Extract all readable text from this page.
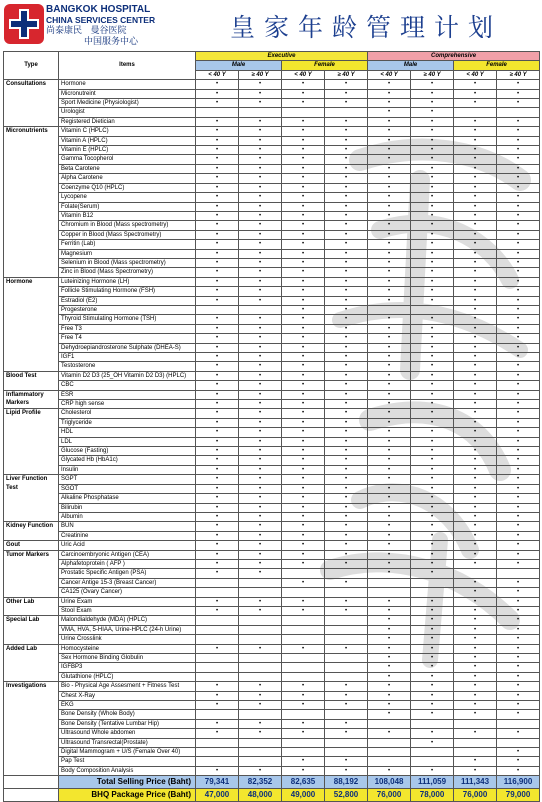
BANGKOK HOSPITAL
CHINA SERVICES CENTER
尚泰康民 曼谷医院
中国服务中心	皇家年龄管理计划
Type	Items	Executive				Comprehensive			
		Male		Female		Male		Female	
		< 40 Y	≥ 40 Y	< 40 Y	≥ 40 Y	< 40 Y	≥ 40 Y	< 40 Y	≥ 40 Y
Consultations	Hormone	•	•	•	•	•	•	•	•
	Micronutreint	•	•	•	•	•	•	•	•
	Sport Medicine (Physiologist)	•	•	•	•	•	•	•	•
	Urologist					•	•		
	Registered Dietician	•	•	•	•	•	•	•	•
Micronutrients	Vitamin C (HPLC)	•	•	•	•	•	•	•	•
	Vitamin A (HPLC)	•	•	•	•	•	•	•	•
	Vitamin E (HPLC)	•	•	•	•	•	•	•	•
	Gamma Tocopherol	•	•	•	•	•	•	•	•
	Beta Carotene	•	•	•	•	•	•	•	•
	Alpha Carotene	•	•	•	•	•	•	•	•
	Coenzyme Q10 (HPLC)	•	•	•	•	•	•	•	•
	Lycopene	•	•	•	•	•	•	•	•
	Folate(Serum)	•	•	•	•	•	•	•	•
	Vitamin B12	•	•	•	•	•	•	•	•
	Chromium in Blood (Mass spectrometry)	•	•	•	•	•	•	•	•
	Copper in Blood (Mass Spectrometry)	•	•	•	•	•	•	•	•
	Ferritin (Lab)	•	•	•	•	•	•	•	•
	Magnesium	•	•	•	•	•	•	•	•
	Selenium in Blood (Mass spectrometry)	•	•	•	•	•	•	•	•
	Zinc in Blood (Mass Spectrometry)	•	•	•	•	•	•	•	•
Hormone	Luteinizing Hormone (LH)	•	•	•	•	•	•	•	•
	Follicle Stimulating Hormone (FSH)	•	•	•	•	•	•	•	•
	Estradiol (E2)	•	•	•	•	•	•	•	•
	Progesterone			•	•			•	•
	Thyroid Stimulating Hormone (TSH)	•	•	•	•	•	•	•	•
	Free T3	•	•	•	•	•	•	•	•
	Free T4	•	•	•	•	•	•	•	•
	Dehydroepiandrosterone Sulphate (DHEA-S)	•	•	•	•	•	•	•	•
	IGF1	•	•	•	•	•	•	•	•
	Testosterone	•	•	•	•	•	•	•	•
Blood Test	Vitamin D2 D3 (25_OH Vitamin D2 D3) (HPLC)	•	•	•	•	•	•	•	•
	CBC	•	•	•	•	•	•	•	•
Inflammatory Markers	ESR	•	•	•	•	•	•	•	•
	CRP high sense	•	•	•	•	•	•	•	•
Lipid Profile	Cholesterol	•	•	•	•	•	•	•	•
	Triglyceride	•	•	•	•	•	•	•	•
	HDL	•	•	•	•	•	•	•	•
	LDL	•	•	•	•	•	•	•	•
	Glucose (Fasting)	•	•	•	•	•	•	•	•
	Glycated Hb (HbA1c)	•	•	•	•	•	•	•	•
	Insulin	•	•	•	•	•	•	•	•
Liver Function Test	SGPT	•	•	•	•	•	•	•	•
	SGOT	•	•	•	•	•	•	•	•
	Alkaline Phosphatase	•	•	•	•	•	•	•	•
	Bilirubin	•	•	•	•	•	•	•	•
	Albumin	•	•	•	•	•	•	•	•
Kidney Function	BUN	•	•	•	•	•	•	•	•
	Creatinine	•	•	•	•	•	•	•	•
Gout	Uric Acid	•	•	•	•	•	•	•	•
Tumor Markers	Carcinoembryonic Antigen (CEA)	•	•	•	•	•	•	•	•
	Alphafetoprotein ( AFP )	•	•	•	•	•	•	•	•
	Prostatic Specific Antigen (PSA)	•	•			•	•		
	Cancer Antige 15-3 (Breast Cancer)			•	•			•	•
	CA125 (Ovary Cancer)							•	•
Other Lab	Urine Exam	•	•	•	•	•	•	•	•
	Stool Exam	•	•	•	•	•	•	•	•
Special Lab	Malondialdehyde (MDA) (HPLC)					•	•	•	•
	VMA, HVA, 5-HIAA, Urine-HPLC (24-h Urine)					•	•	•	•
	Urine Crosslink					•	•	•	•
Added Lab	Homocysteine	•	•	•	•	•	•	•	•
	Sex Hormone Binding Globulin					•	•	•	•
	IGFBP3					•	•	•	•
	Glutathione (HPLC)					•	•	•	•
Investigations	Bio - Physical Age Assesment + Fitness Test	•	•	•	•	•	•	•	•
	Chest X-Ray	•	•	•	•	•	•	•	•
	EKG	•	•	•	•	•	•	•	•
	Bone Density (Whole Body)					•	•	•	•
	Bone Density (Tentative Lumbar Hip)	•	•	•	•				
	Ultrasound Whole abdomen	•	•	•	•	•	•	•	•
	Ultrasound Transrectal(Prostate)						•		
	Digital Mammogram + U/S (Female Over 40)								•
	Pap Test			•	•			•	•
	Body Composition Analysis	•	•	•	•	•	•	•	•
	Total Selling Price (Baht)	79,341	82,352	82,635	88,192	108,048	111,059	111,343	116,900
	BHQ Package Price (Baht)	47,000	48,000	49,000	52,800	76,000	78,000	76,000	79,000
